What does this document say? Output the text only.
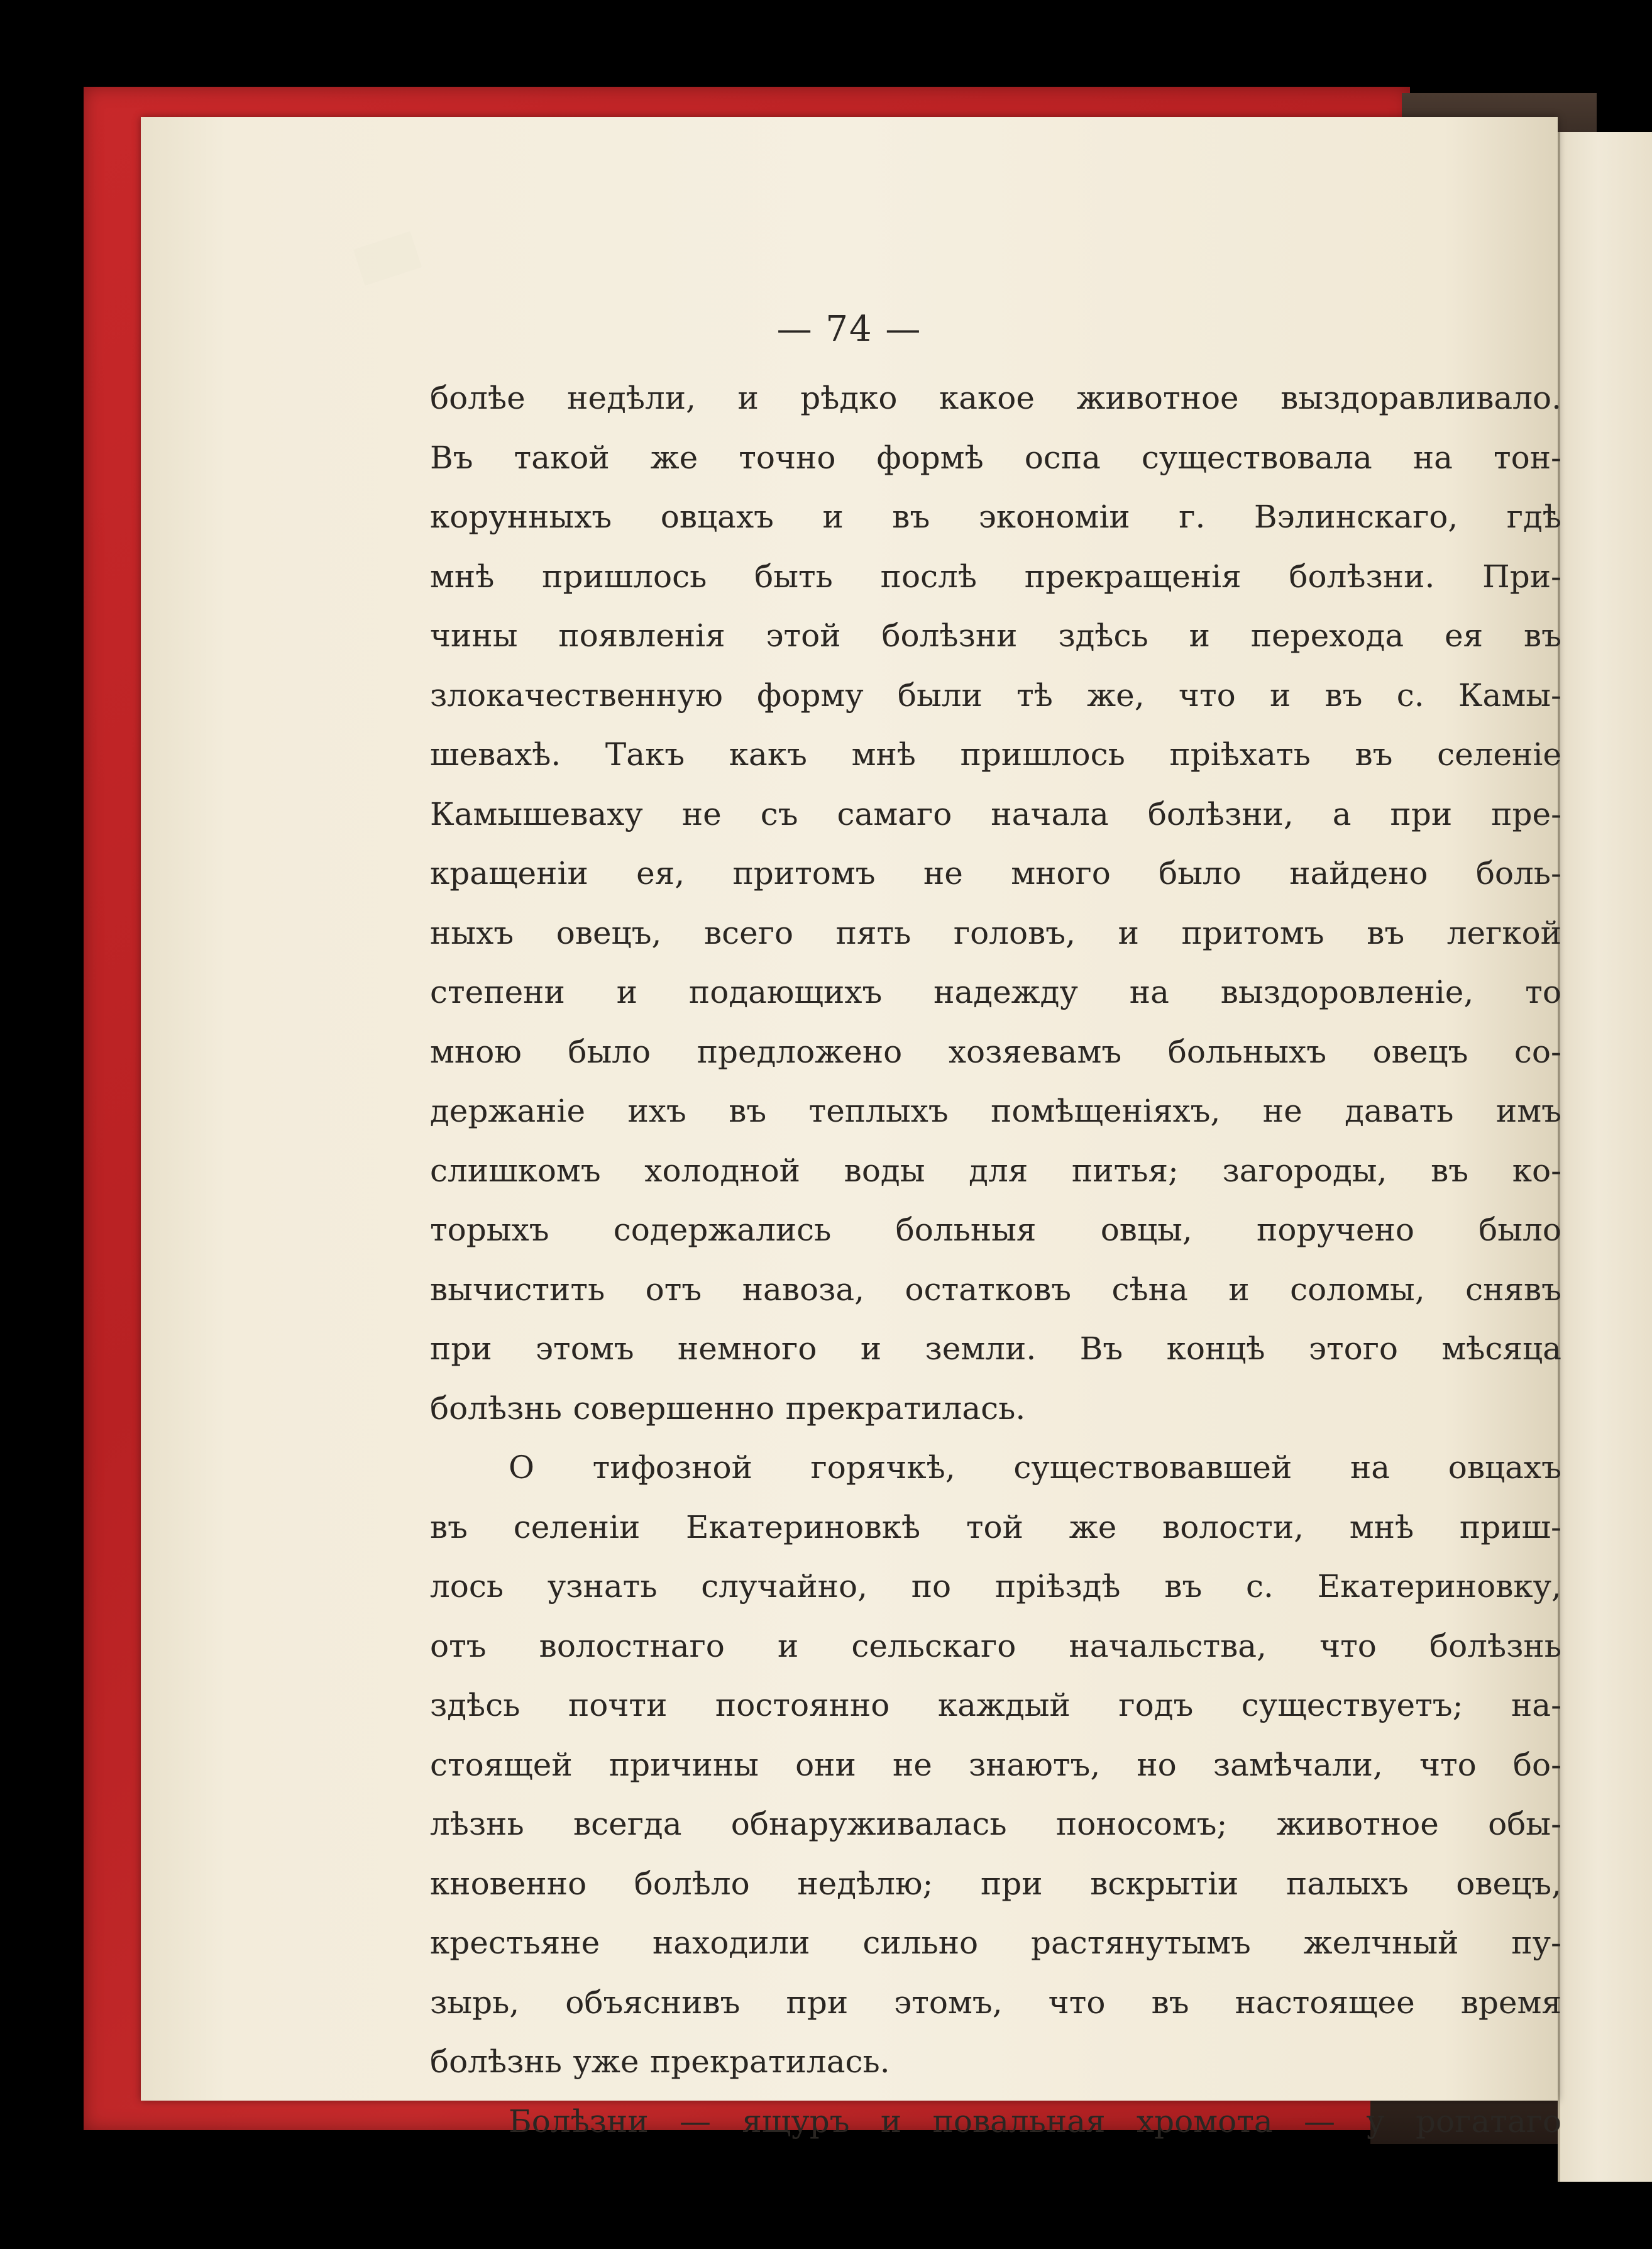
— 74 —
болѣе недѣли, и рѣдко какое животное выздоравливало.
Въ такой же точно формѣ оспа существовала на тон-
корунныхъ овцахъ и въ экономіи г. Вэлинскаго, гдѣ
мнѣ пришлось быть послѣ прекращенія болѣзни. При-
чины появленія этой болѣзни здѣсь и перехода ея въ
злокачественную форму были тѣ же, что и въ с. Камы-
шевахѣ. Такъ какъ мнѣ пришлось пріѣхать въ селеніе
Камышеваху не съ самаго начала болѣзни, а при пре-
кращеніи ея, притомъ не много было найдено боль-
ныхъ овецъ, всего пять головъ, и притомъ въ легкой
степени и подающихъ надежду на выздоровленіе, то
мною было предложено хозяевамъ больныхъ овецъ со-
держаніе ихъ въ теплыхъ помѣщеніяхъ, не давать имъ
слишкомъ холодной воды для питья; загороды, въ ко-
торыхъ содержались больныя овцы, поручено было
вычистить отъ навоза, остатковъ сѣна и соломы, снявъ
при этомъ немного и земли. Въ концѣ этого мѣсяца
болѣзнь совершенно прекратилась.
О тифозной горячкѣ, существовавшей на овцахъ
въ селеніи Екатериновкѣ той же волости, мнѣ приш-
лось узнать случайно, по пріѣздѣ въ с. Екатериновку,
отъ волостнаго и сельскаго начальства, что болѣзнь
здѣсь почти постоянно каждый годъ существуетъ; на-
стоящей причины они не знаютъ, но замѣчали, что бо-
лѣзнь всегда обнаруживалась поносомъ; животное обы-
кновенно болѣло недѣлю; при вскрытіи палыхъ овецъ,
крестьяне находили сильно растянутымъ желчный пу-
зырь, объяснивъ при этомъ, что въ настоящее время
болѣзнь уже прекратилась.
Болѣзни — ящуръ и повальная хромота — у рогатаго
